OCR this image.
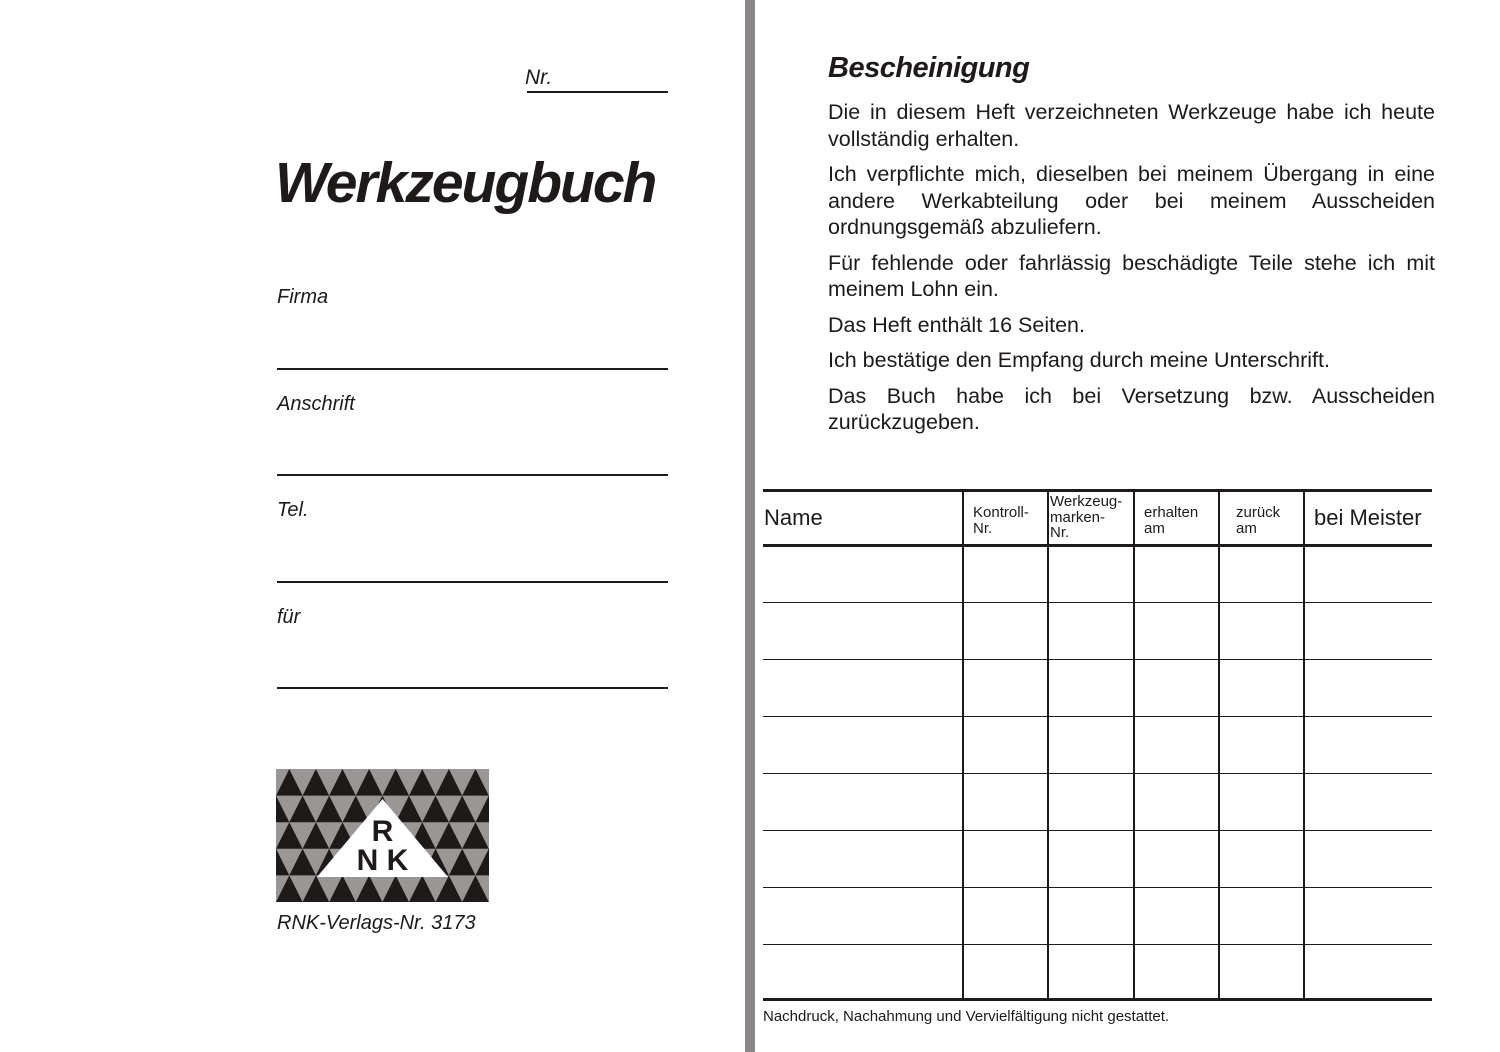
Nr.
Werkzeugbuch
Firma
Anschrift
Tel.
für
R
N K
RNK-Verlags-Nr. 3173
Bescheinigung

Die in diesem Heft verzeichneten Werkzeuge habe ich heute vollständig erhalten.

Ich verpflichte mich, dieselben bei meinem Übergang in eine andere Werkabteilung oder bei meinem Ausscheiden ordnungsgemäß abzuliefern.

Für fehlende oder fahrlässig beschädigte Teile stehe ich mit meinem Lohn ein.

Das Heft enthält 16 Seiten.

Ich bestätige den Empfang durch meine Unterschrift.

Das Buch habe ich bei Versetzung bzw. Ausscheiden zurückzugeben.

Name	Kontroll-
Nr.
Werkzeug-
marken-
Nr.
erhalten
am
zurück
am	bei Meister
Nachdruck, Nachahmung und Vervielfältigung nicht gestattet.
